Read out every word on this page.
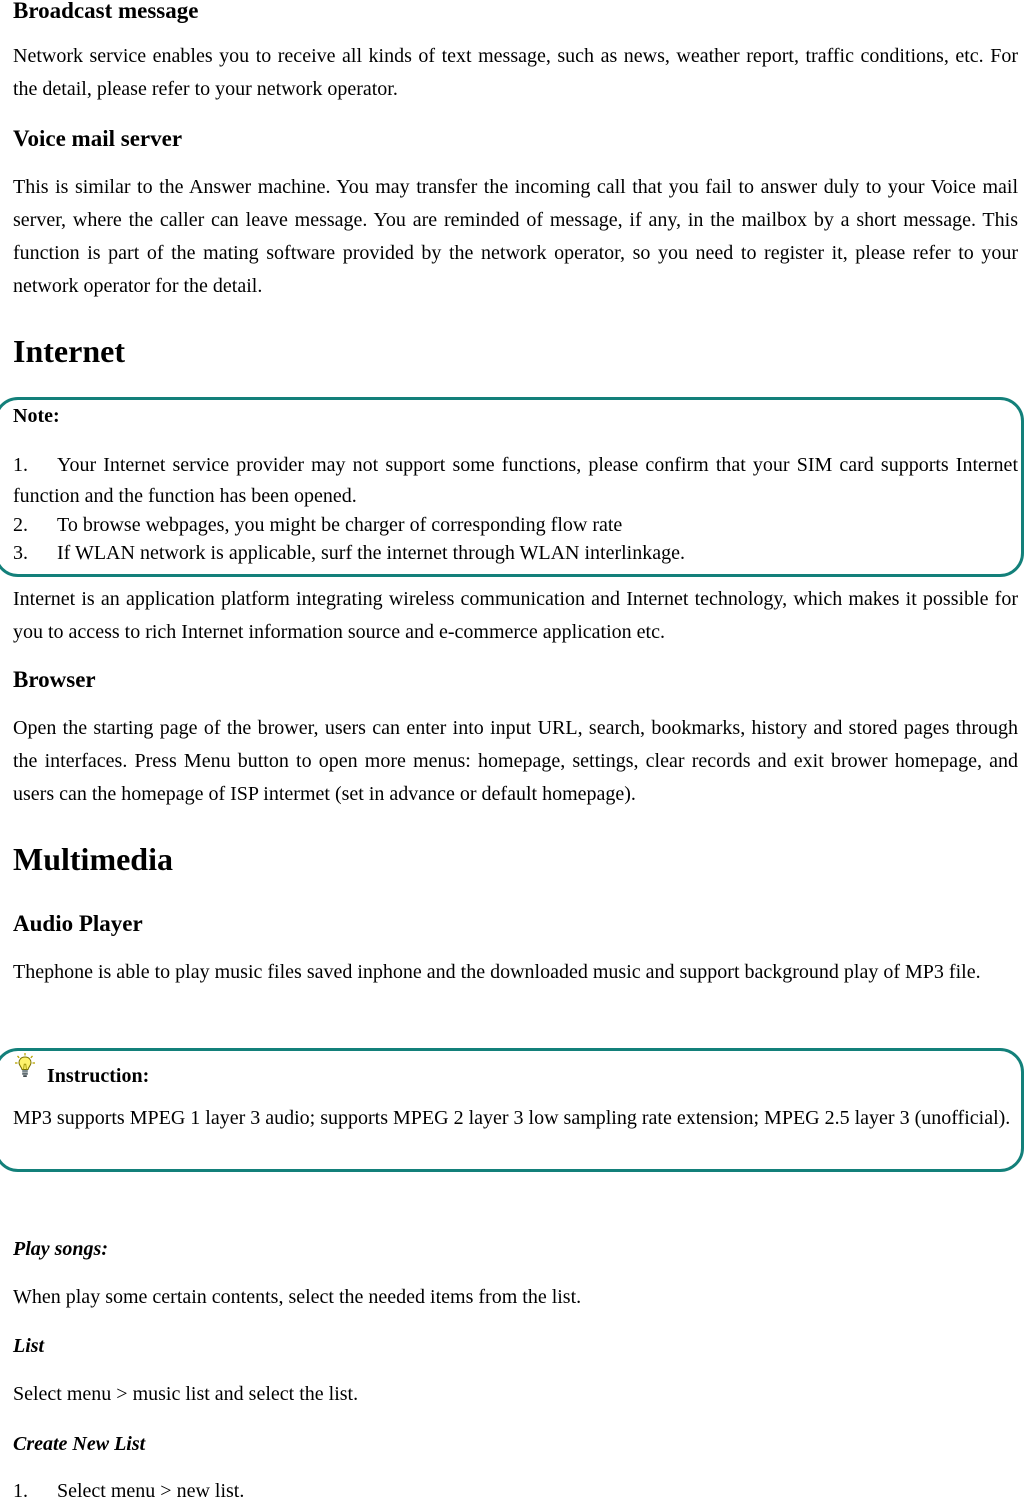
Broadcast message
Network service enables you to receive all kinds of text message, such as news, weather report, traffic conditions, etc. For the detail, please refer to your network operator.
Voice mail server
This is similar to the Answer machine. You may transfer the incoming call that you fail to answer duly to your Voice mail server, where the caller can leave message. You are reminded of message, if any, in the mailbox by a short message. This function is part of the mating software provided by the network operator, so you need to register it, please refer to your network operator for the detail.
Internet
Note:
1.	Your Internet service provider may not support some functions, please confirm that your SIM card supports Internet function and the function has been opened.
2.	To browse webpages, you might be charger of corresponding flow rate
3.	If WLAN network is applicable, surf the internet through WLAN interlinkage.
Internet is an application platform integrating wireless communication and Internet technology, which makes it possible for you to access to rich Internet information source and e-commerce application etc.
Browser
Open the starting page of the brower, users can enter into input URL, search, bookmarks, history and stored pages through the interfaces. Press Menu button to open more menus: homepage, settings, clear records and exit brower homepage, and users can the homepage of ISP intermet (set in advance or default homepage).
Multimedia
Audio Player
Thephone is able to play music files saved inphone and the downloaded music and support background play of MP3 file.
Instruction:
MP3 supports MPEG 1 layer 3 audio; supports MPEG 2 layer 3 low sampling rate extension; MPEG 2.5 layer 3 (unofficial).
Play songs:
When play some certain contents, select the needed items from the list.
List
Select menu > music list and select the list.
Create New List
1.	Select menu > new list.
